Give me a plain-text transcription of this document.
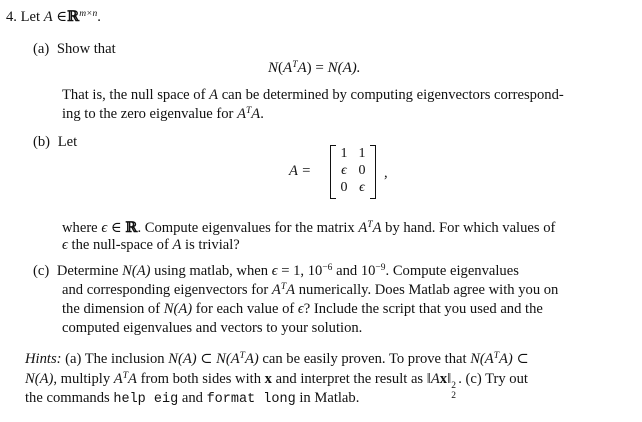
4. Let A ∈ℝ$^{m\times n}$.
(a) Show that
$N(A^TA) = N(A)$.
That is, the null space of A can be determined by computing eigenvectors correspond-
ing to the zero eigenvalue for $A^TA$.
(b) Let
A =
1 1
ϵ 0
0 ϵ
,
where ϵ ∈ ℝ. Compute eigenvalues for the matrix $A^TA$ by hand. For which values of
ϵ the null-space of A is trivial?
(c) Determine N(A) using matlab, when ϵ = 1, $10^{-6}$ and $10^{-9}$. Compute eigenvalues
and corresponding eigenvectors for $A^TA$ numerically. Does Matlab agree with you on
the dimension of N(A) for each value of ϵ? Include the script that you used and the
computed eigenvalues and vectors to your solution.
Hints: (a) The inclusion N(A) ⊂ $N(A^TA)$ can be easily proven. To prove that $N(A^TA)$ ⊂
N(A), multiply $A^TA$ from both sides with x and interpret the result as ‖Ax‖ 2
2
. (c) Try out
the commands help eig and format long in Matlab.
